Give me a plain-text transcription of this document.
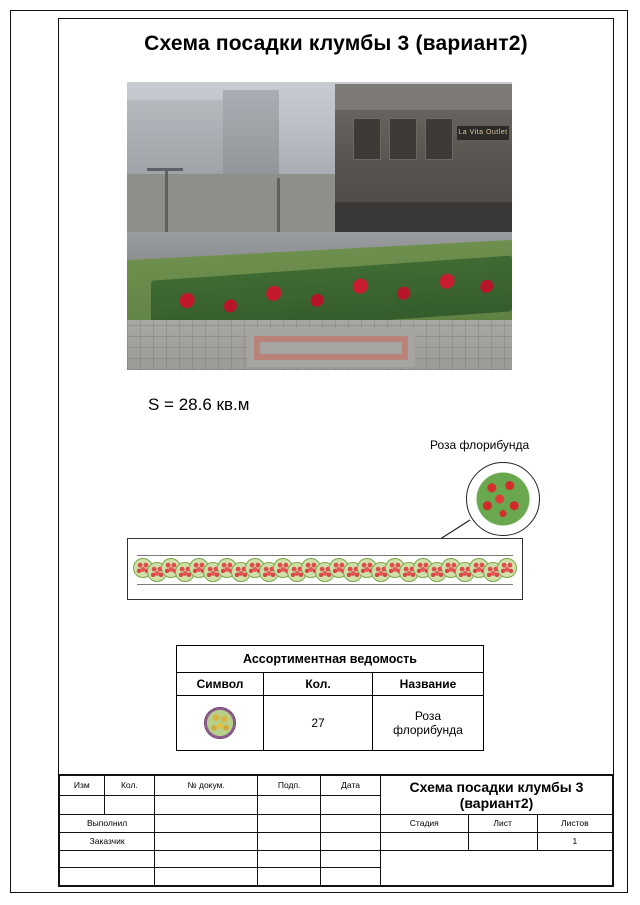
Схема посадки клумбы 3 (вариант2)
La Vita Outlet
S = 28.6 кв.м
Роза флорибунда
Ассортиментная ведомость		
Символ	Кол.	Название

	27	Роза флорибунда
Изм	Кол.	№ докум.	Подп.	Дата	Схема посадки клумбы 3 (вариант2)		

Выполнил					Стадия	Лист	Листов
Заказчик							1
